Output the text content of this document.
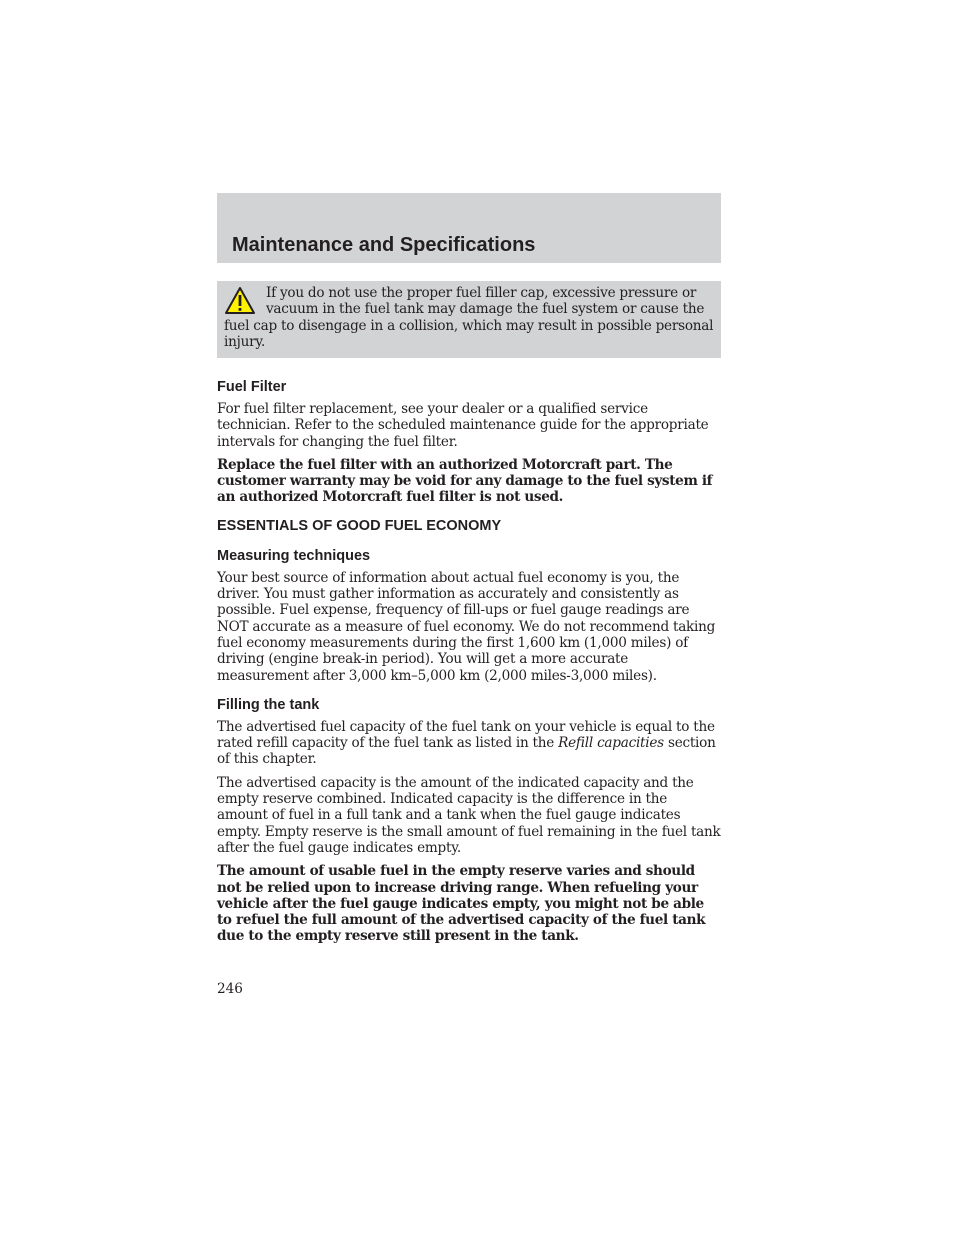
Maintenance and Specifications

If you do not use the proper fuel filler cap, excessive pressure or vacuum in the fuel tank may damage the fuel system or cause the fuel cap to disengage in a collision, which may result in possible personal injury.

Fuel Filter

For fuel filter replacement, see your dealer or a qualified service technician. Refer to the scheduled maintenance guide for the appropriate intervals for changing the fuel filter.

Replace the fuel filter with an authorized Motorcraft part. The customer warranty may be void for any damage to the fuel system if an authorized Motorcraft fuel filter is not used.

ESSENTIALS OF GOOD FUEL ECONOMY
Measuring techniques

Your best source of information about actual fuel economy is you, the driver. You must gather information as accurately and consistently as possible. Fuel expense, frequency of fill-ups or fuel gauge readings are NOT accurate as a measure of fuel economy. We do not recommend taking fuel economy measurements during the first 1,600 km (1,000 miles) of driving (engine break-in period). You will get a more accurate measurement after 3,000 km–5,000 km (2,000 miles-3,000 miles).

Filling the tank

The advertised fuel capacity of the fuel tank on your vehicle is equal to the rated refill capacity of the fuel tank as listed in the Refill capacities section of this chapter.

The advertised capacity is the amount of the indicated capacity and the empty reserve combined. Indicated capacity is the difference in the amount of fuel in a full tank and a tank when the fuel gauge indicates empty. Empty reserve is the small amount of fuel remaining in the fuel tank after the fuel gauge indicates empty.

The amount of usable fuel in the empty reserve varies and should not be relied upon to increase driving range. When refueling your vehicle after the fuel gauge indicates empty, you might not be able to refuel the full amount of the advertised capacity of the fuel tank due to the empty reserve still present in the tank.

246
